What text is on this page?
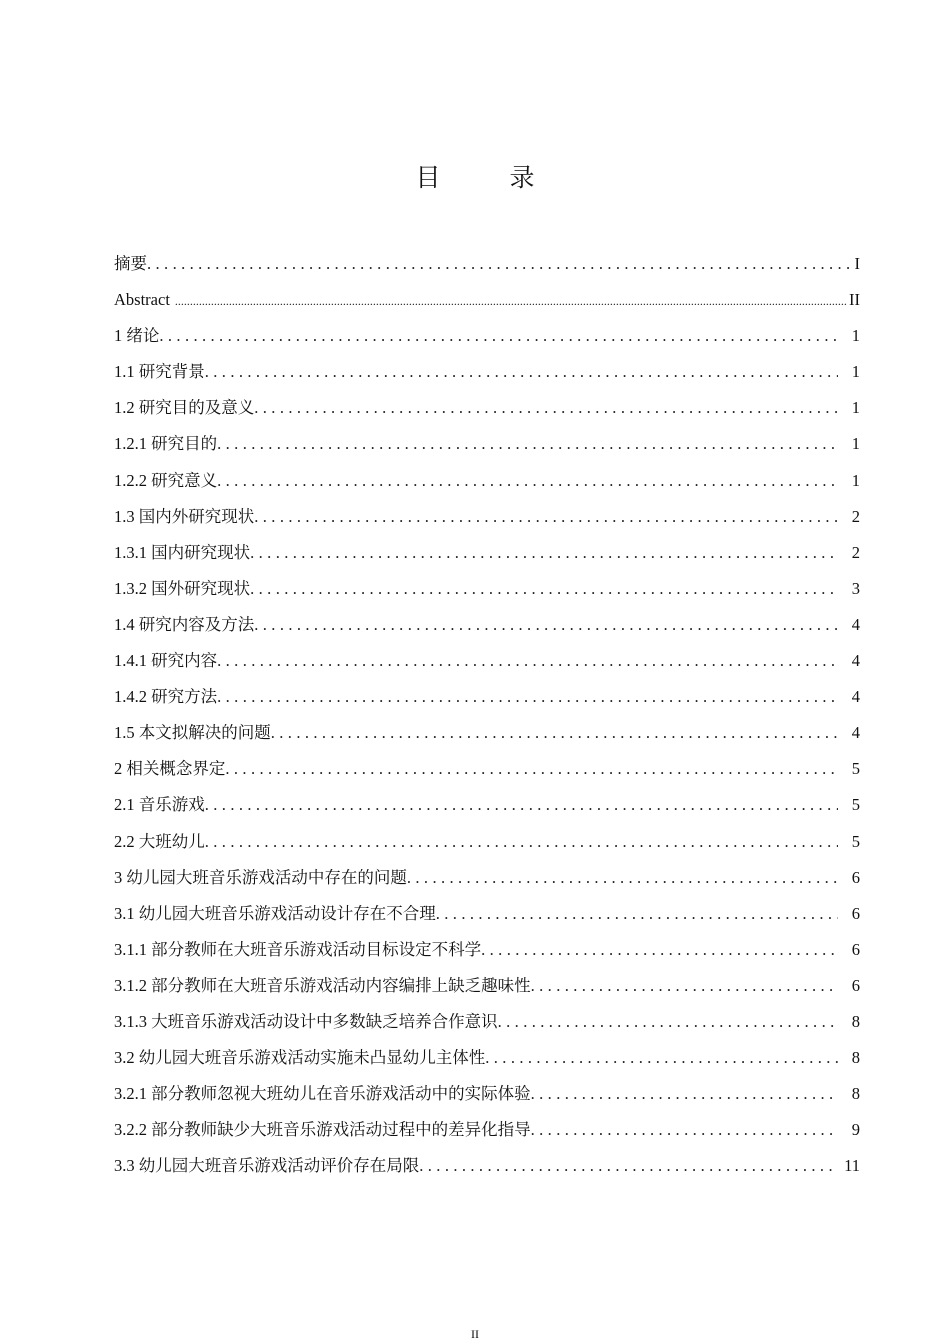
目　录
摘要 .....	I
Abstract .....	II
1 绪论 .....	1
1.1 研究背景 .....	1
1.2 研究目的及意义 .....	1
1.2.1 研究目的 .....	1
1.2.2 研究意义 .....	1
1.3 国内外研究现状 .....	2
1.3.1 国内研究现状 .....	2
1.3.2 国外研究现状 .....	3
1.4 研究内容及方法 .....	4
1.4.1 研究内容 .....	4
1.4.2 研究方法 .....	4
1.5 本文拟解决的问题 .....	4
2 相关概念界定 .....	5
2.1 音乐游戏 .....	5
2.2 大班幼儿 .....	5
3 幼儿园大班音乐游戏活动中存在的问题 .....	6
3.1 幼儿园大班音乐游戏活动设计存在不合理 .....	6
3.1.1 部分教师在大班音乐游戏活动目标设定不科学 .....	6
3.1.2 部分教师在大班音乐游戏活动内容编排上缺乏趣味性 .....	6
3.1.3 大班音乐游戏活动设计中多数缺乏培养合作意识 .....	8
3.2 幼儿园大班音乐游戏活动实施未凸显幼儿主体性 .....	8
3.2.1 部分教师忽视大班幼儿在音乐游戏活动中的实际体验 .....	8
3.2.2 部分教师缺少大班音乐游戏活动过程中的差异化指导 .....	9
3.3 幼儿园大班音乐游戏活动评价存在局限 .....	11
II
